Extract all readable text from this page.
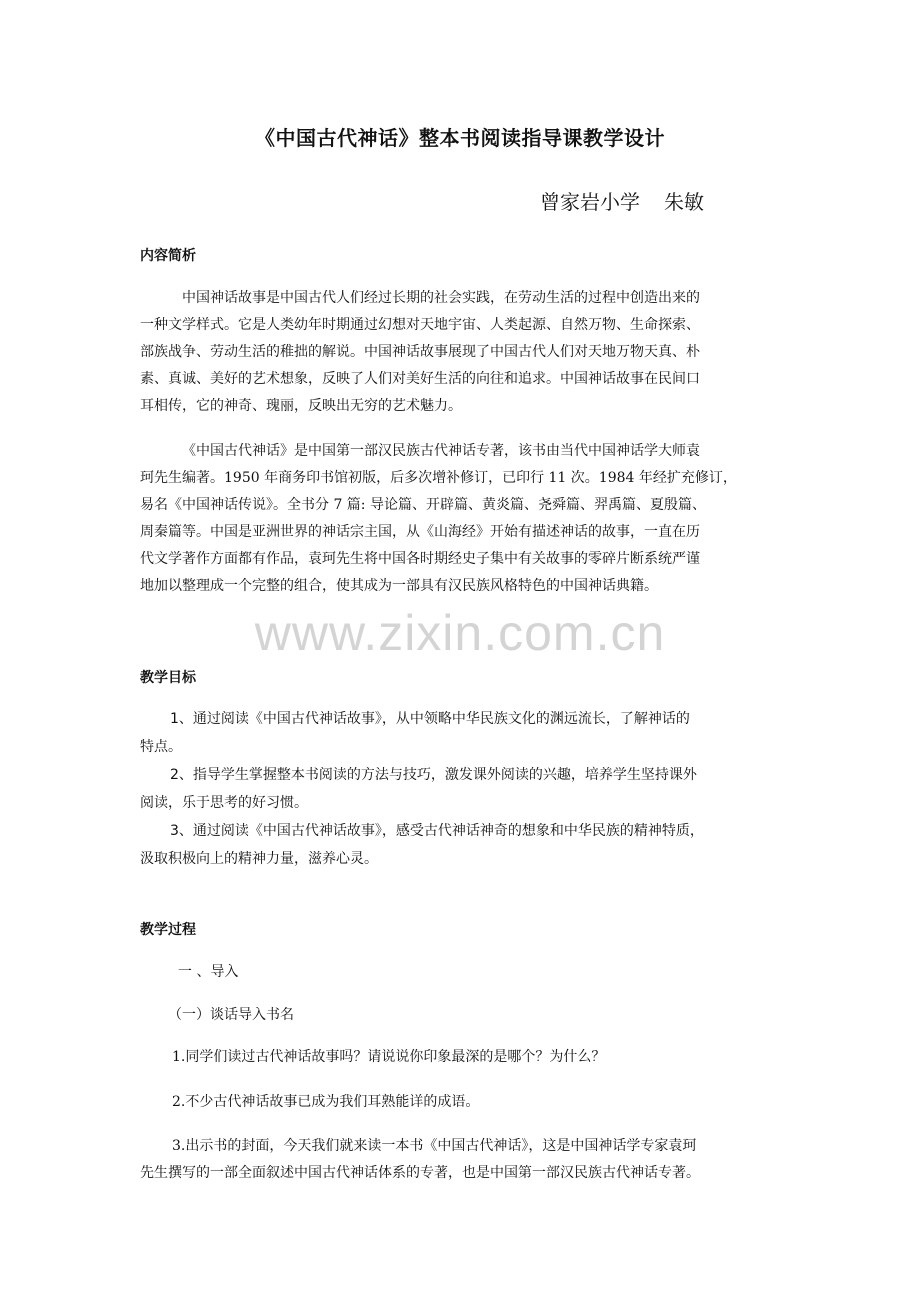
《中国古代神话》整本书阅读指导课教学设计
曾家岩小学 朱敏
内容简析
中国神话故事是中国古代人们经过长期的社会实践，在劳动生活的过程中创造出来的
一种文学样式。它是人类幼年时期通过幻想对天地宇宙、人类起源、自然万物、生命探索、
部族战争、劳动生活的稚拙的解说。中国神话故事展现了中国古代人们对天地万物天真、朴
素、真诚、美好的艺术想象，反映了人们对美好生活的向往和追求。中国神话故事在民间口
耳相传，它的神奇、瑰丽，反映出无穷的艺术魅力。
《中国古代神话》是中国第一部汉民族古代神话专著，该书由当代中国神话学大师袁
珂先生编著。1950 年商务印书馆初版，后多次增补修订，已印行 11 次。1984 年经扩充修订，
易名《中国神话传说》。全书分 7 篇: 导论篇、开辟篇、黄炎篇、尧舜篇、羿禹篇、夏殷篇、
周秦篇等。中国是亚洲世界的神话宗主国，从《山海经》开始有描述神话的故事，一直在历
代文学著作方面都有作品，袁珂先生将中国各时期经史子集中有关故事的零碎片断系统严谨
地加以整理成一个完整的组合，使其成为一部具有汉民族风格特色的中国神话典籍。
www.zixin.com.cn
教学目标
1、通过阅读《中国古代神话故事》，从中领略中华民族文化的渊远流长，了解神话的
特点。
2、指导学生掌握整本书阅读的方法与技巧，激发课外阅读的兴趣，培养学生坚持课外
阅读，乐于思考的好习惯。
3、通过阅读《中国古代神话故事》，感受古代神话神奇的想象和中华民族的精神特质，
汲取积极向上的精神力量，滋养心灵。
教学过程
一 、导入
（一）谈话导入书名
1.同学们读过古代神话故事吗？请说说你印象最深的是哪个？为什么？
2.不少古代神话故事已成为我们耳熟能详的成语。
3.出示书的封面，今天我们就来读一本书《中国古代神话》，这是中国神话学专家袁珂
先生撰写的一部全面叙述中国古代神话体系的专著，也是中国第一部汉民族古代神话专著。
